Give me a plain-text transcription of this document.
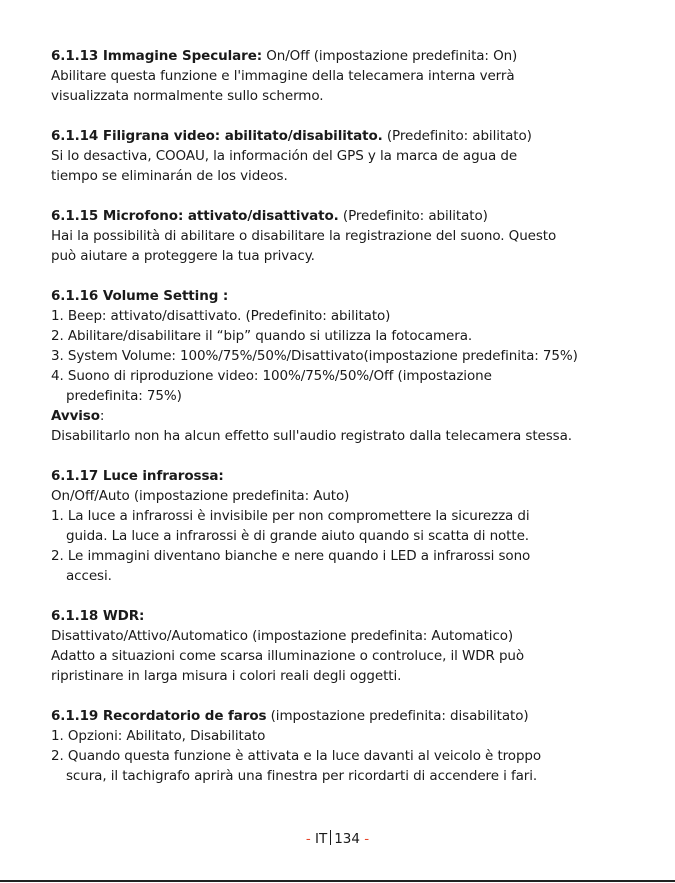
6.1.13 Immagine Speculare: On/Off (impostazione predefinita: On)
Abilitare questa funzione e l'immagine della telecamera interna verrà
visualizzata normalmente sullo schermo.
6.1.14 Filigrana video: abilitato/disabilitato. (Predefinito: abilitato)
Si lo desactiva, COOAU, la información del GPS y la marca de agua de
tiempo se eliminarán de los videos.
6.1.15 Microfono: attivato/disattivato. (Predefinito: abilitato)
Hai la possibilità di abilitare o disabilitare la registrazione del suono. Questo
può aiutare a proteggere la tua privacy.
6.1.16 Volume Setting :
1. Beep: attivato/disattivato. (Predefinito: abilitato)
2. Abilitare/disabilitare il “bip” quando si utilizza la fotocamera.
3. System Volume: 100%/75%/50%/Disattivato(impostazione predefinita: 75%)
4. Suono di riproduzione video: 100%/75%/50%/Off (impostazione
predefinita: 75%)
Avviso:
Disabilitarlo non ha alcun effetto sull'audio registrato dalla telecamera stessa.
6.1.17 Luce infrarossa:
On/Off/Auto (impostazione predefinita: Auto)
1. La luce a infrarossi è invisibile per non compromettere la sicurezza di
guida. La luce a infrarossi è di grande aiuto quando si scatta di notte.
2. Le immagini diventano bianche e nere quando i LED a infrarossi sono
accesi.
6.1.18 WDR:
Disattivato/Attivo/Automatico (impostazione predefinita: Automatico)
Adatto a situazioni come scarsa illuminazione o controluce, il WDR può
ripristinare in larga misura i colori reali degli oggetti.
6.1.19 Recordatorio de faros (impostazione predefinita: disabilitato)
1. Opzioni: Abilitato, Disabilitato
2. Quando questa funzione è attivata e la luce davanti al veicolo è troppo
scura, il tachigrafo aprirà una finestra per ricordarti di accendere i fari.
- IT 134 -
